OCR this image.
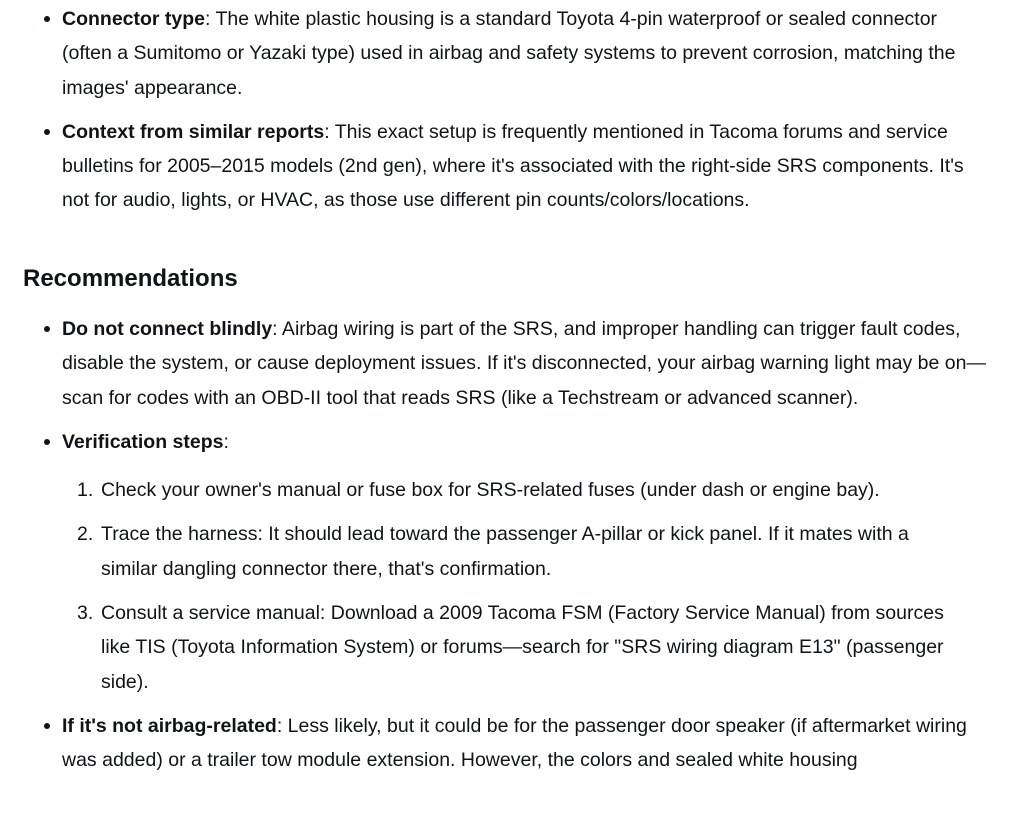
Connector type: The white plastic housing is a standard Toyota 4-pin waterproof or sealed connector (often a Sumitomo or Yazaki type) used in airbag and safety systems to prevent corrosion, matching the images' appearance.
Context from similar reports: This exact setup is frequently mentioned in Tacoma forums and service bulletins for 2005–2015 models (2nd gen), where it's associated with the right-side SRS components. It's not for audio, lights, or HVAC, as those use different pin counts/colors/locations.
Recommendations
Do not connect blindly: Airbag wiring is part of the SRS, and improper handling can trigger fault codes, disable the system, or cause deployment issues. If it's disconnected, your airbag warning light may be on—scan for codes with an OBD-II tool that reads SRS (like a Techstream or advanced scanner).
Verification steps:
1. Check your owner's manual or fuse box for SRS-related fuses (under dash or engine bay).
2. Trace the harness: It should lead toward the passenger A-pillar or kick panel. If it mates with a similar dangling connector there, that's confirmation.
3. Consult a service manual: Download a 2009 Tacoma FSM (Factory Service Manual) from sources like TIS (Toyota Information System) or forums—search for "SRS wiring diagram E13" (passenger side).
If it's not airbag-related: Less likely, but it could be for the passenger door speaker (if aftermarket wiring was added) or a trailer tow module extension. However, the colors and sealed white housing
